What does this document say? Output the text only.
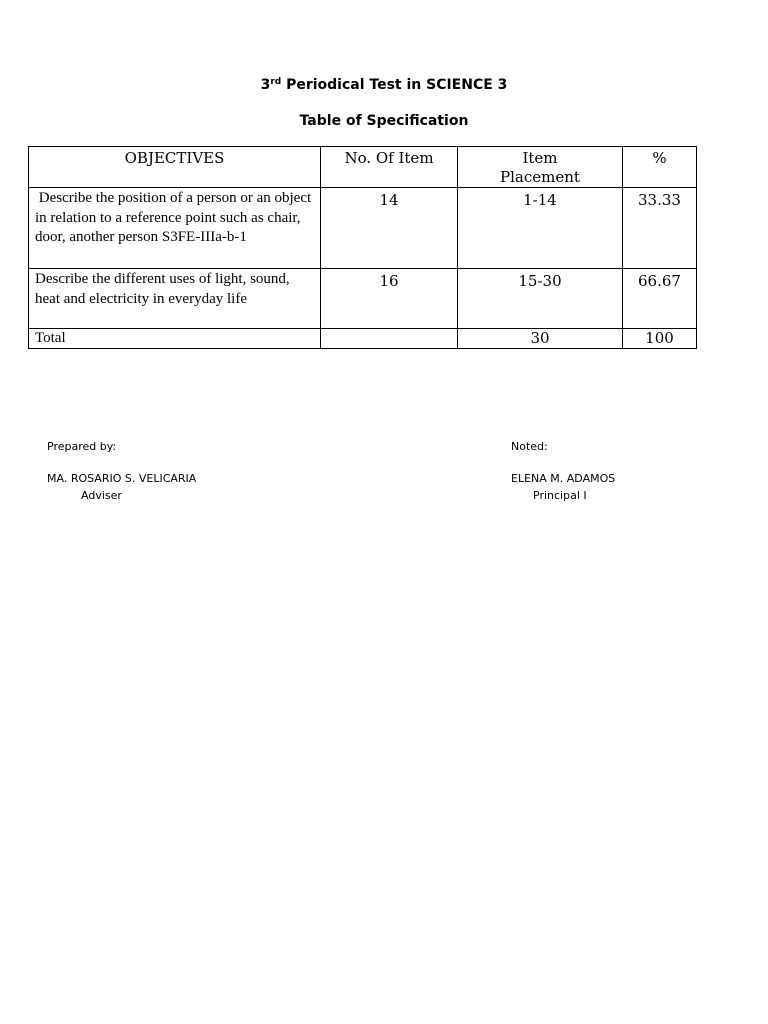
3rd Periodical Test in SCIENCE 3
Table of Specification
OBJECTIVES	No. Of Item	Item Placement	%
Describe the position of a person or an object in relation to a reference point such as chair, door, another person S3FE-IIIa-b-1	14	1-14	33.33
Describe the different uses of light, sound, heat and electricity in everyday life	16	15-30	66.67
Total		30	100
Prepared by:
MA. ROSARIO S. VELICARIA
Adviser
Noted:
ELENA M. ADAMOS
Principal I
